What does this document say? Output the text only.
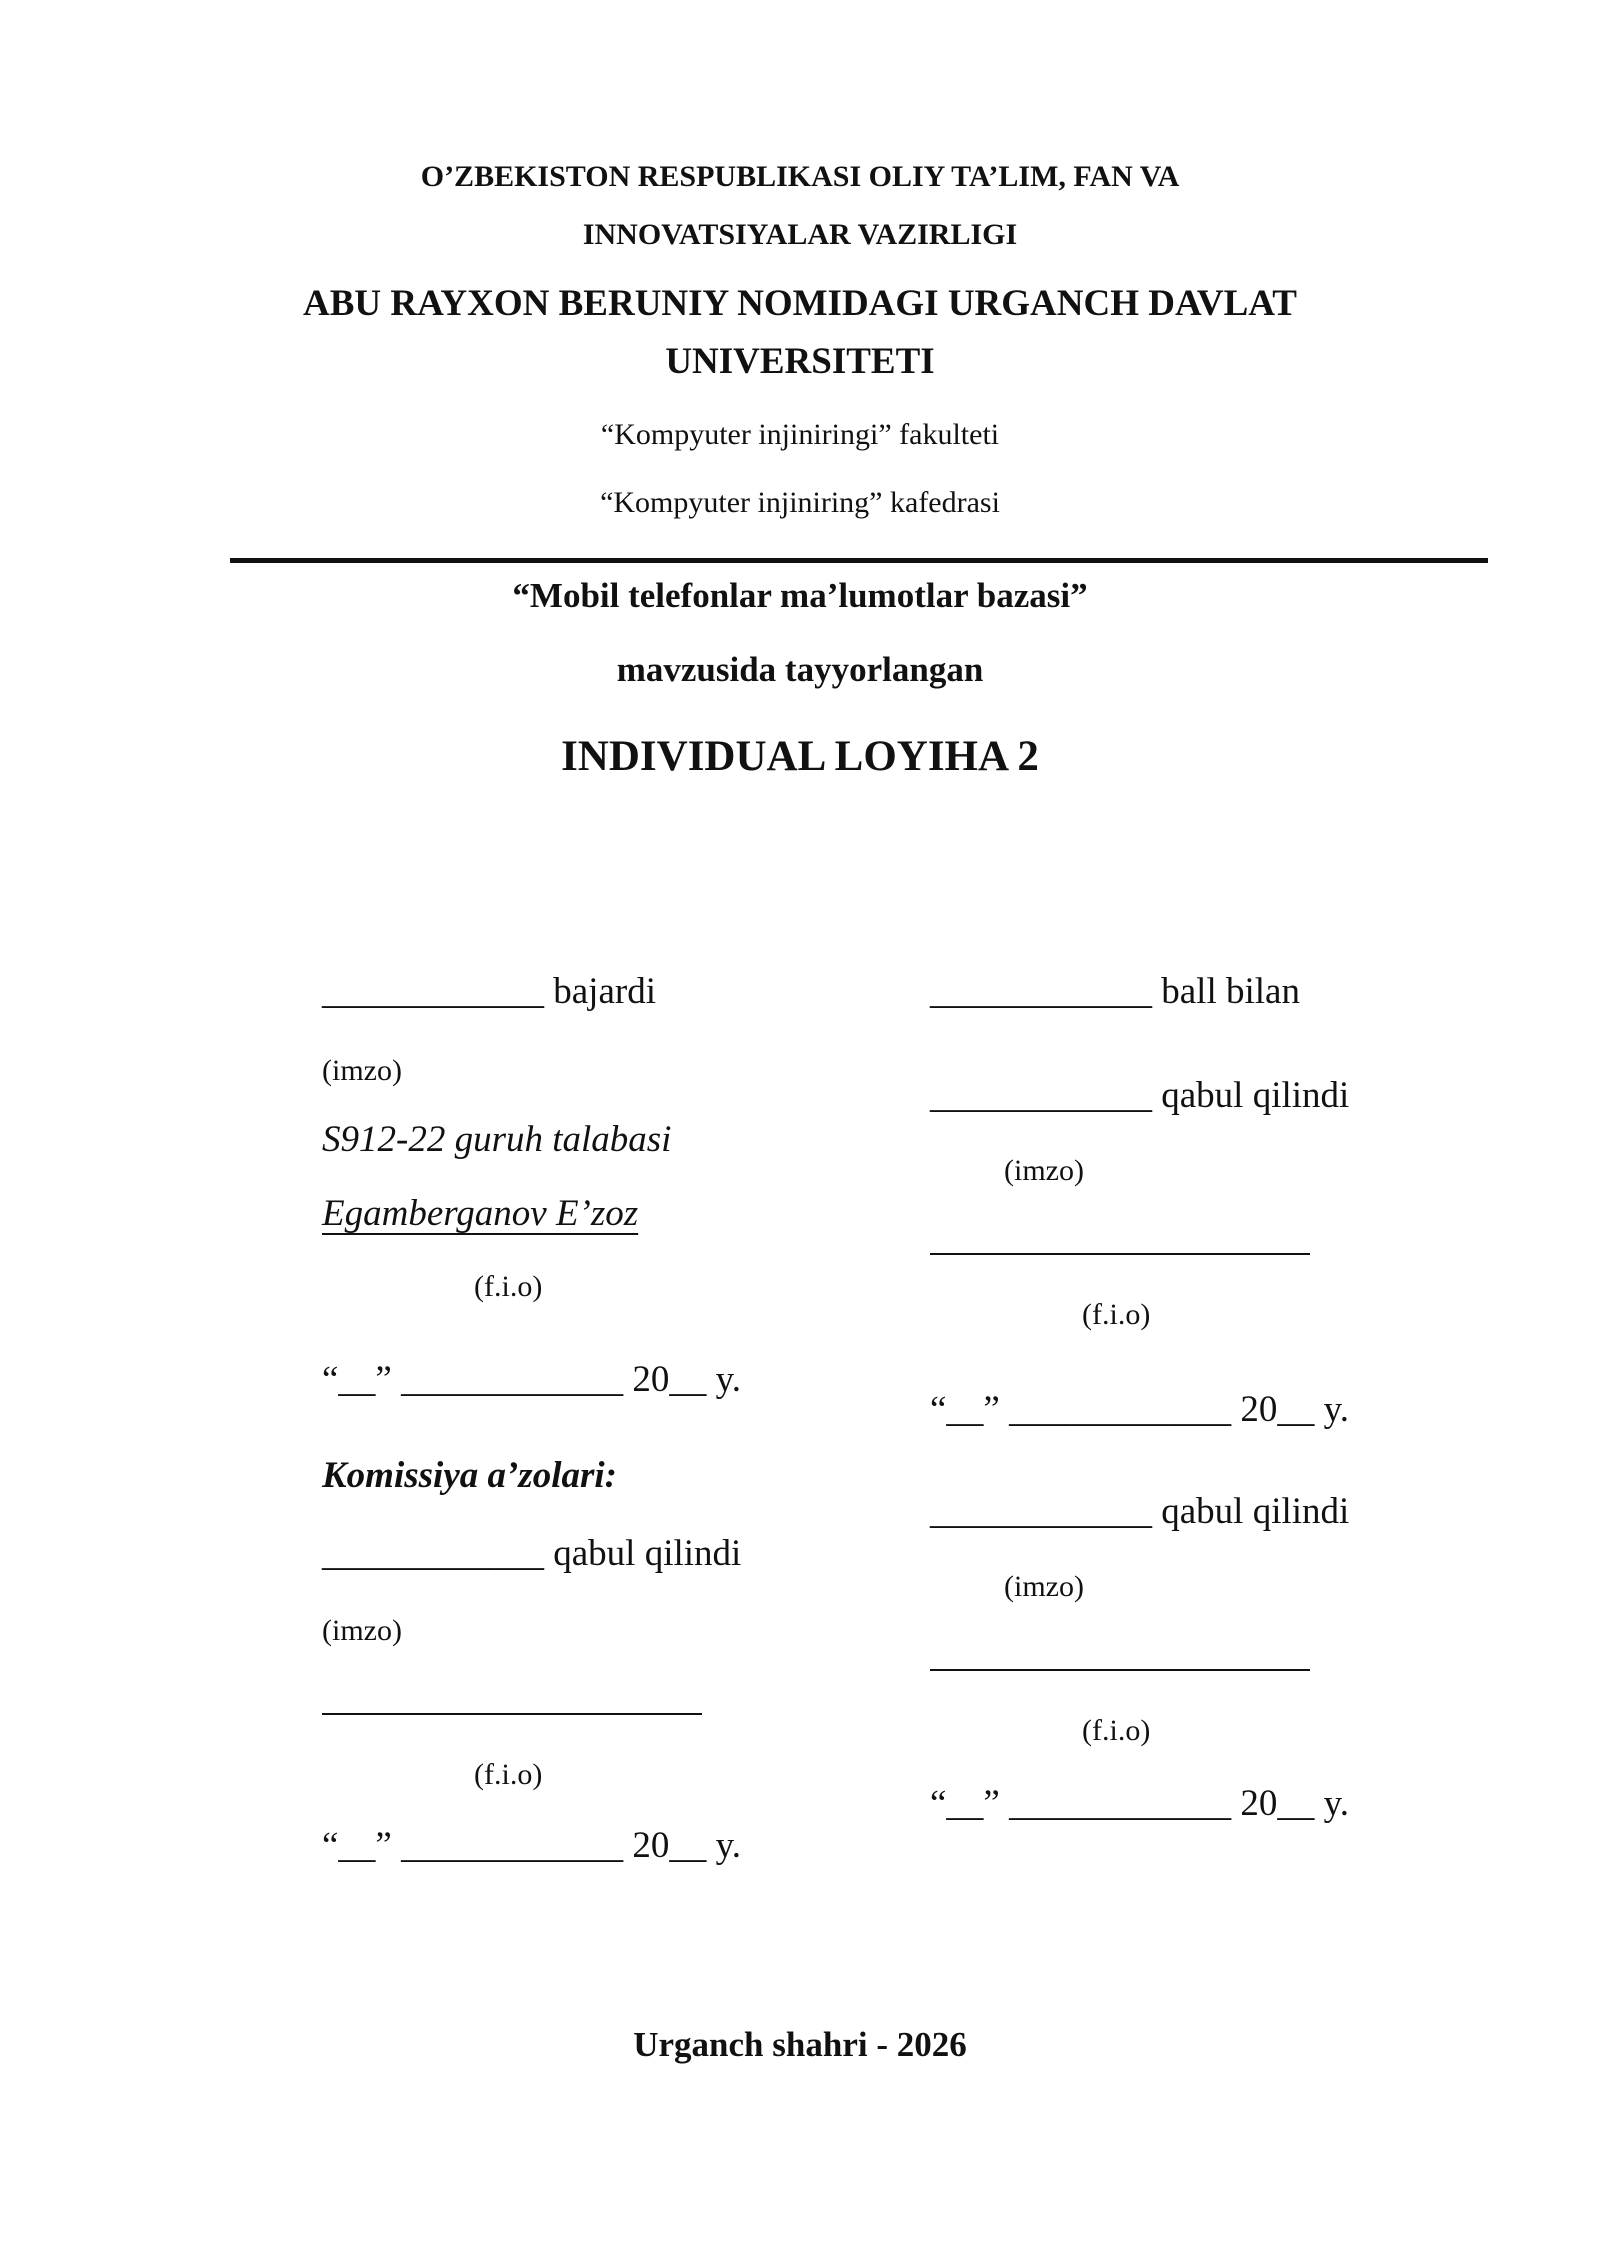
O’ZBEKISTON RESPUBLIKASI OLIY TA’LIM, FAN VA
INNOVATSIYALAR VAZIRLIGI
ABU RAYXON BERUNIY NOMIDAGI URGANCH DAVLAT
UNIVERSITETI
“Kompyuter injiniringi” fakulteti
“Kompyuter injiniring” kafedrasi
“Mobil telefonlar ma’lumotlar bazasi”
mavzusida tayyorlangan
INDIVIDUAL LOYIHA 2
____________ bajardi
(imzo)
S912-22 guruh talabasi
Egamberganov E’zoz
(f.i.o)
“__” ____________ 20__ y.
Komissiya a’zolari:
____________ qabul qilindi
(imzo)
(f.i.o)
“__” ____________ 20__ y.
____________ ball bilan
____________ qabul qilindi
(imzo)
(f.i.o)
“__” ____________ 20__ y.
____________ qabul qilindi
(imzo)
(f.i.o)
“__” ____________ 20__ y.
Urganch shahri - 2026
